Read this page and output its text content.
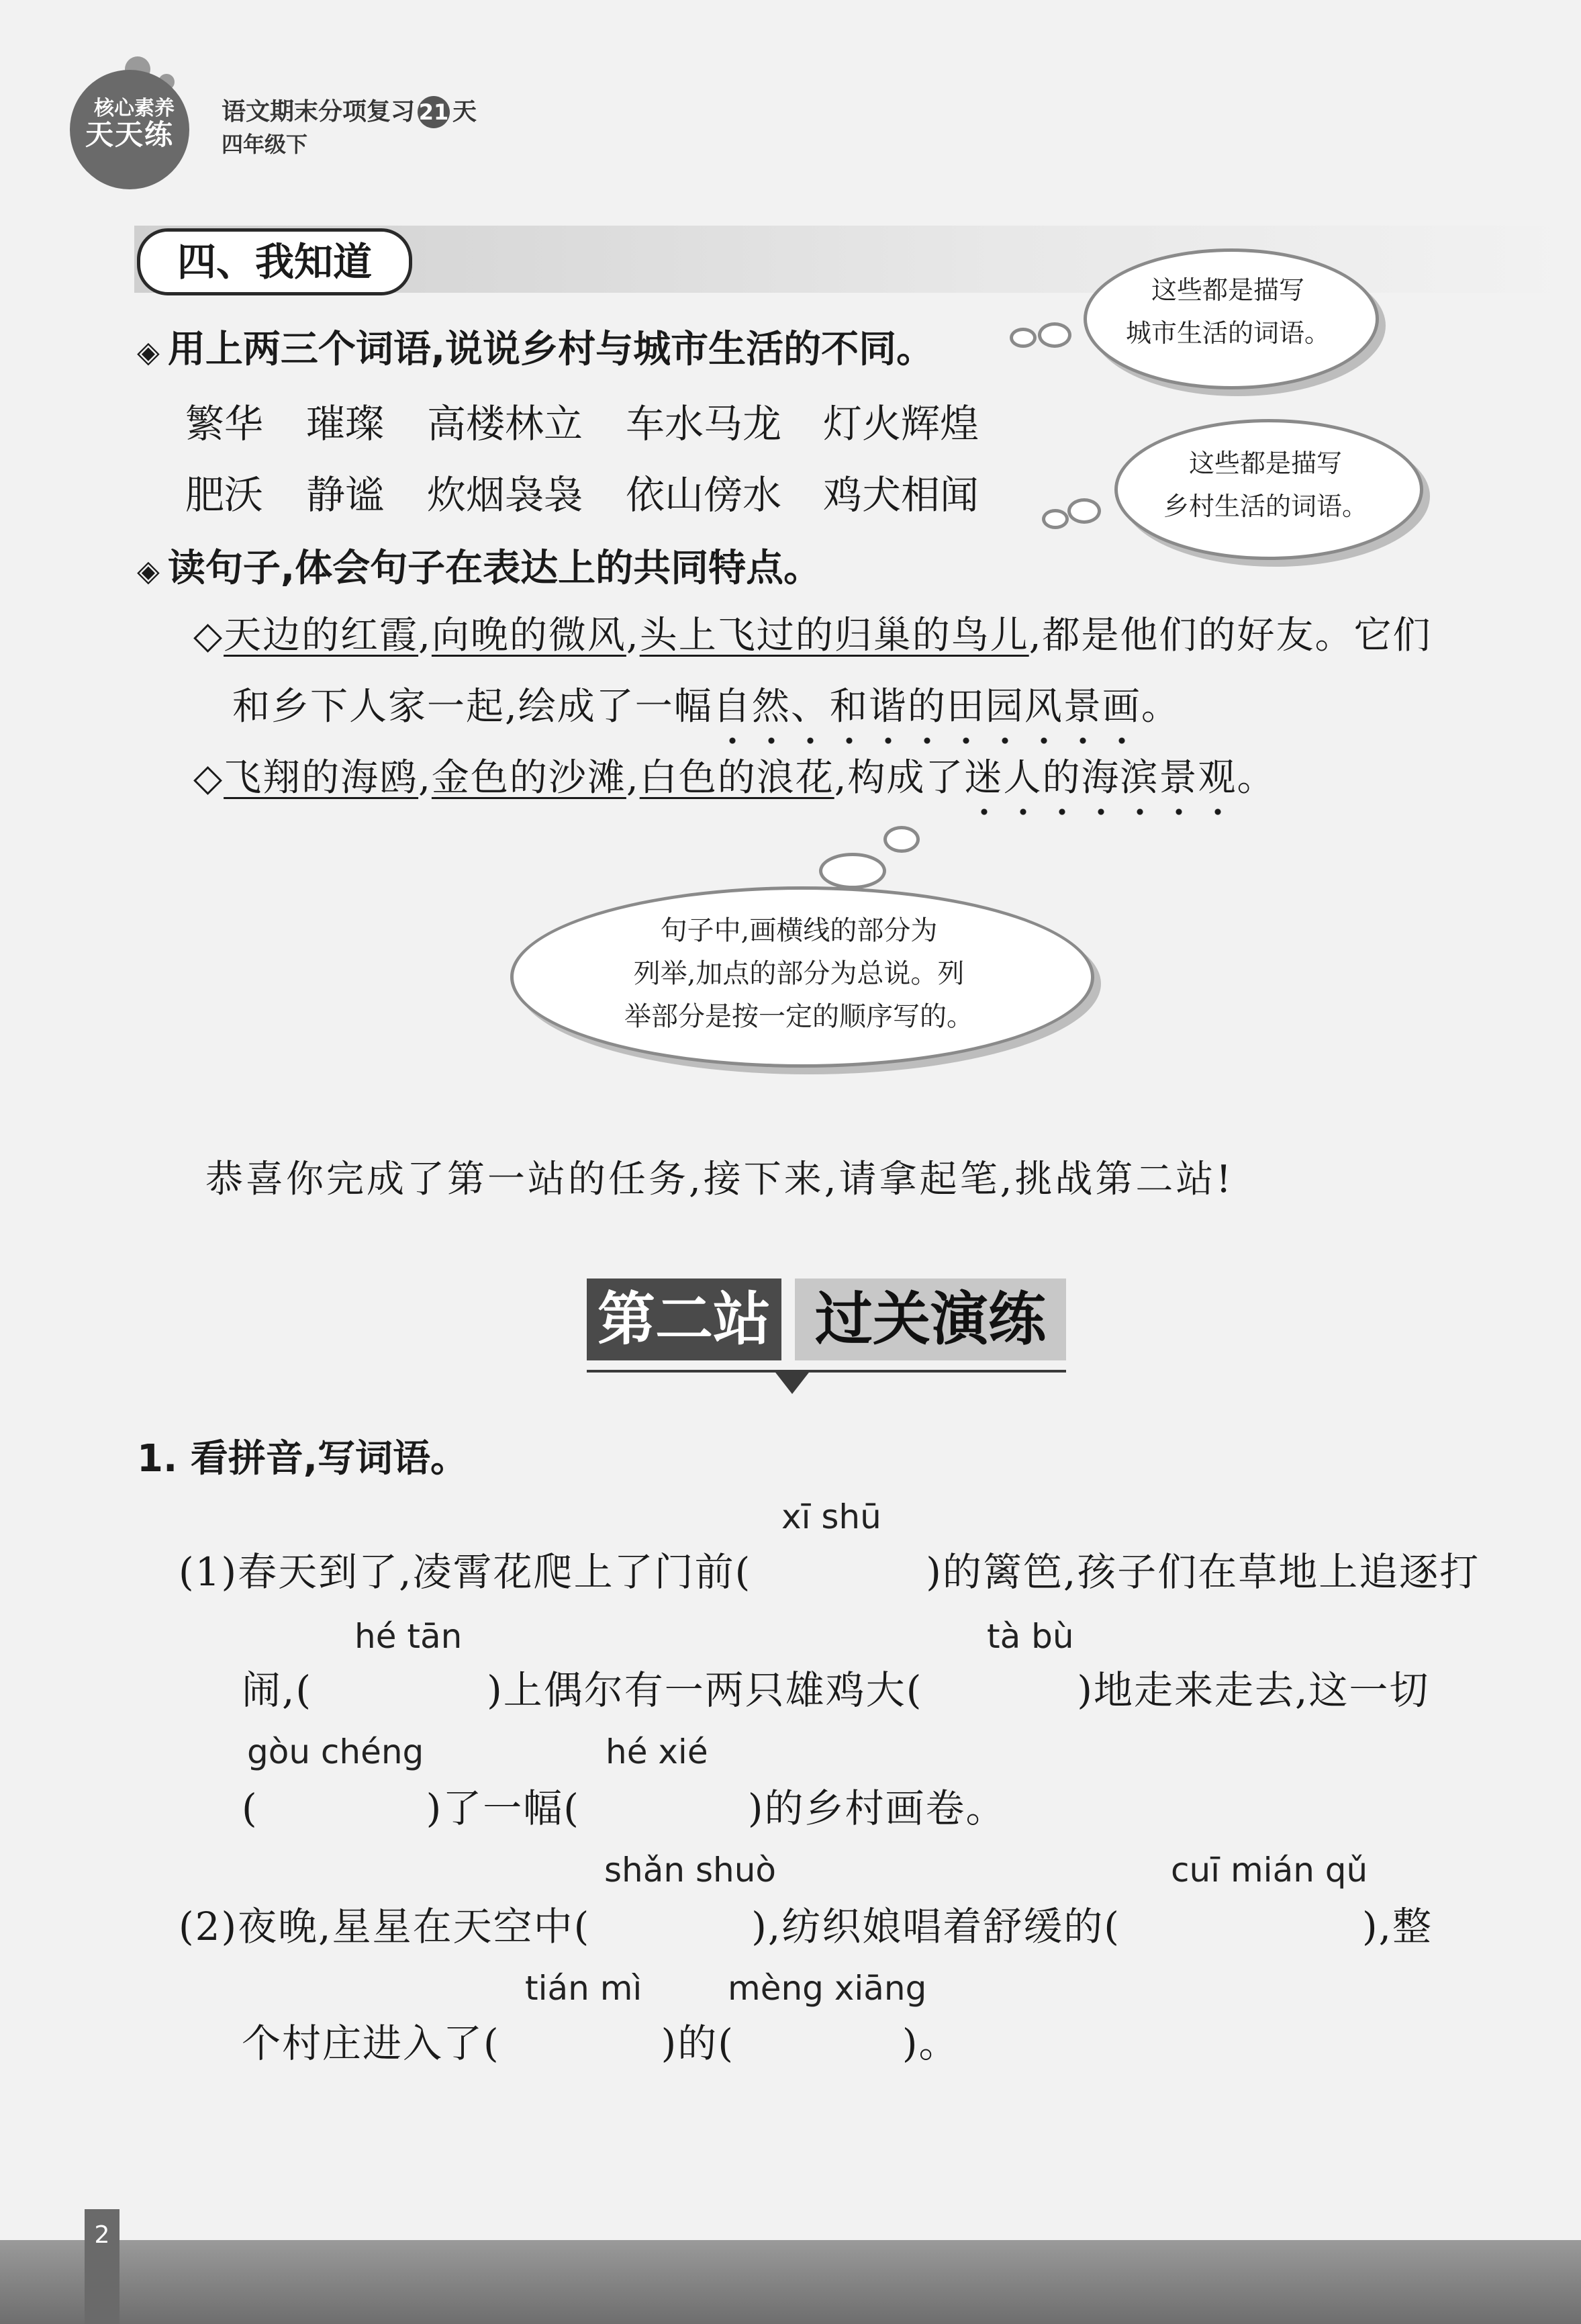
核心素养
天天练
语文期末分项复习 21 天
四年级下
四、我知道
◈ 用上两三个词语,说说乡村与城市生活的不同。
繁华 璀璨 高楼林立 车水马龙 灯火辉煌
肥沃 静谧 炊烟袅袅 依山傍水 鸡犬相闻
这些都是描写
城市生活的词语。
这些都是描写
乡村生活的词语。
◈ 读句子,体会句子在表达上的共同特点。
◇天边的红霞,向晚的微风,头上飞过的归巢的鸟儿,都是他们的好友。它们
和乡下人家一起,绘成了一幅自然、和谐的田园风景画
。
◇飞翔的海鸥,金色的沙滩,白色的浪花,构成了迷人的海滨景观
。
句子中,画横线的部分为
列举,加点的部分为总说。列
举部分是按一定的顺序写的。
恭喜你完成了第一站的任务,接下来,请拿起笔,挑战第二站!
第二站 过关演练
1. 看拼音,写词语。
xī shū
(1)春天到了,凌霄花爬上了门前(	)的篱笆,孩子们在草地上追逐打
hé tān	tà bù
闹,(	)上偶尔有一两只雄鸡大(	)地走来走去,这一切
gòu chéng	hé xié
(	)了一幅(	)的乡村画卷。
shǎn shuò	cuī mián qǔ
(2)夜晚,星星在天空中(	),纺织娘唱着舒缓的(	),整
tián mì	mèng xiāng
个村庄进入了(	)的(	)。
2
